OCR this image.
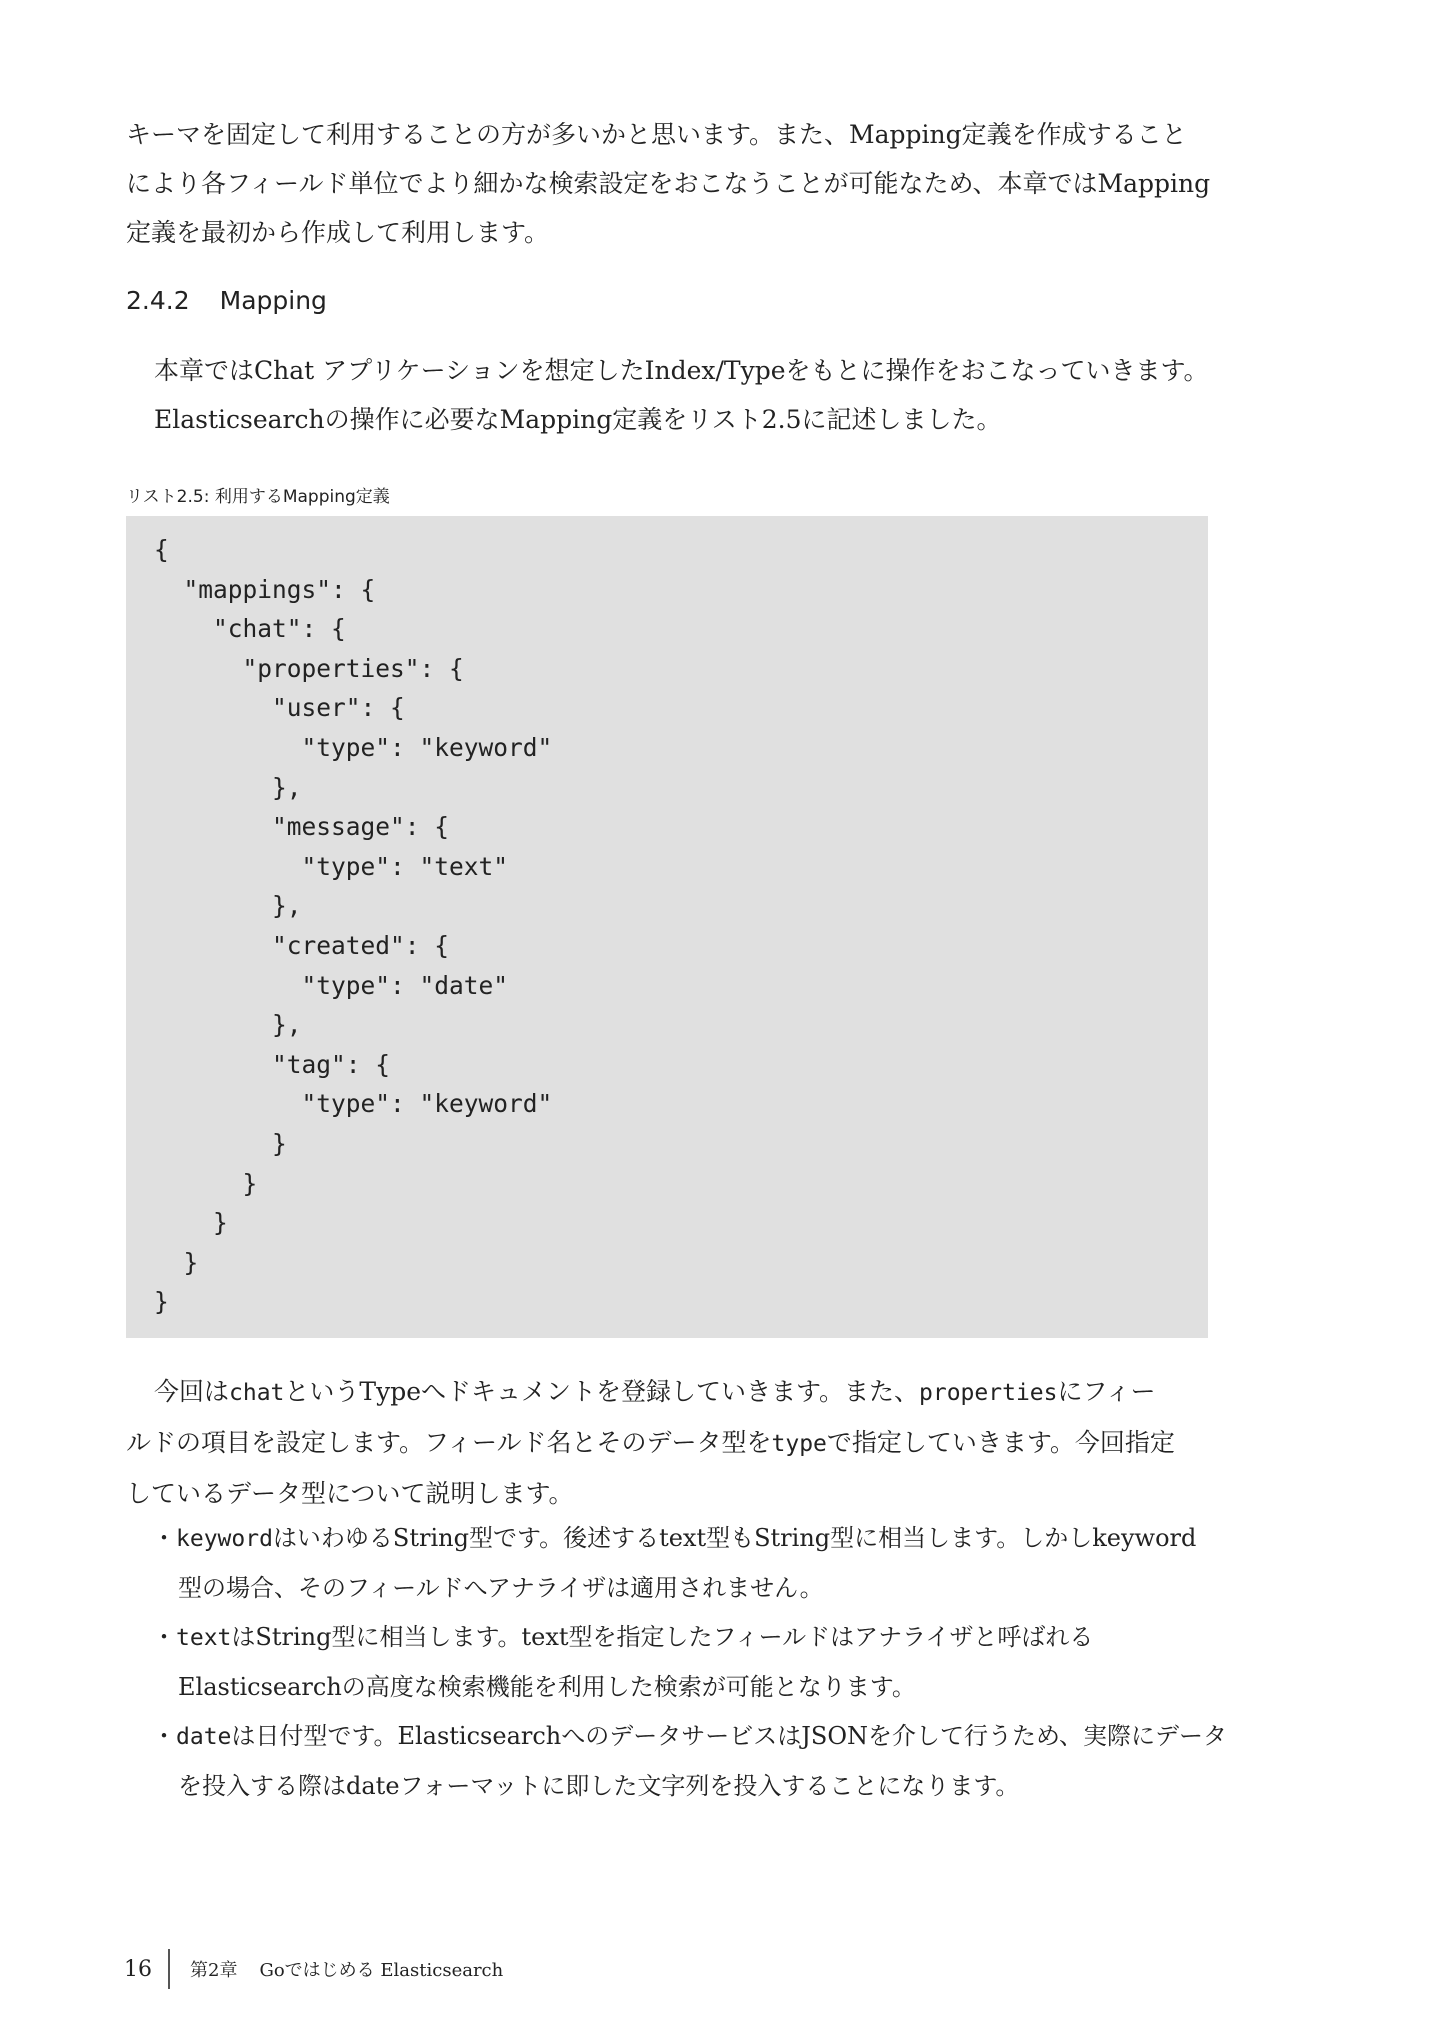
キーマを固定して利用することの方が多いかと思います。また、Mapping定義を作成すること
により各フィールド単位でより細かな検索設定をおこなうことが可能なため、本章ではMapping
定義を最初から作成して利用します。
2.4.2 Mapping
本章ではChat アプリケーションを想定したIndex/Typeをもとに操作をおこなっていきます。
Elasticsearchの操作に必要なMapping定義をリスト2.5に記述しました。

リスト2.5: 利用するMapping定義

{
"mappings": {
"chat": {
"properties": {
"user": {
"type": "keyword"
},
"message": {
"type": "text"
},
"created": {
"type": "date"
},
"tag": {
"type": "keyword"
}
}
}
}
}
今回はchatというTypeへドキュメントを登録していきます。また、propertiesにフィー
ルドの項目を設定します。フィールド名とそのデータ型をtypeで指定していきます。今回指定
しているデータ型について説明します。
・keywordはいわゆるString型です。後述するtext型もString型に相当します。しかしkeyword
型の場合、そのフィールドへアナライザは適用されません。
・textはString型に相当します。text型を指定したフィールドはアナライザと呼ばれる
Elasticsearchの高度な検索機能を利用した検索が可能となります。
・dateは日付型です。ElasticsearchへのデータサービスはJSONを介して行うため、実際にデータ
を投入する際はdateフォーマットに即した文字列を投入することになります。
16 第2章 Goではじめる Elasticsearch
